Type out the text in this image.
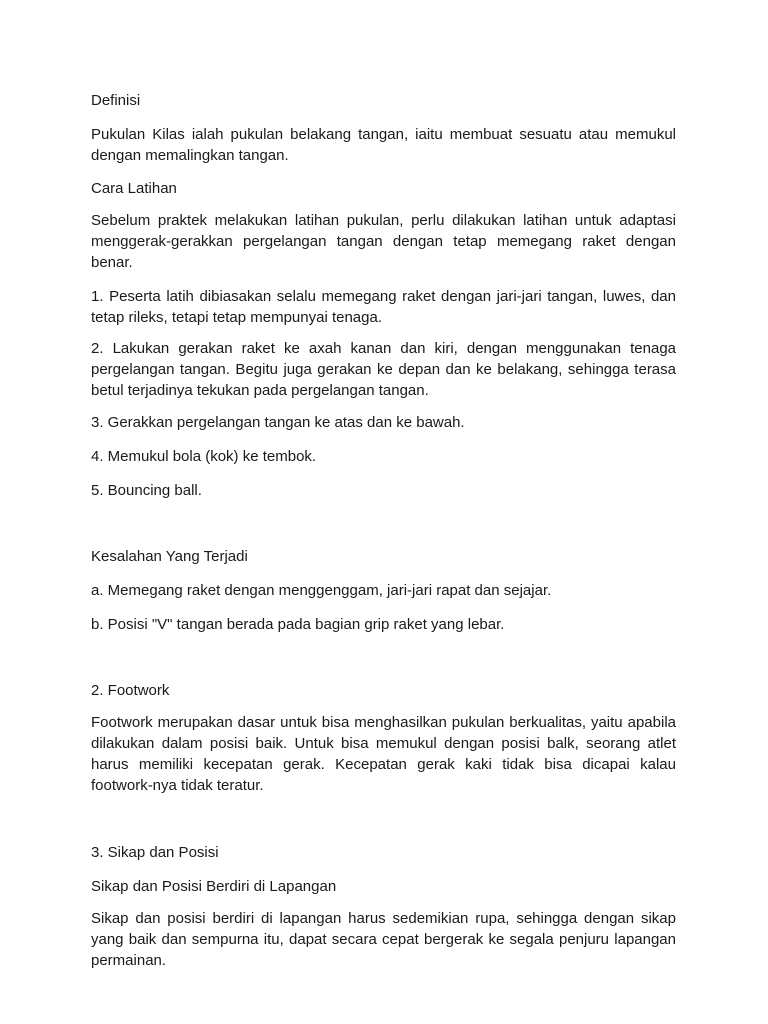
Definisi

Pukulan Kilas ialah pukulan belakang tangan, iaitu membuat sesuatu atau memukul dengan memalingkan tangan.

Cara Latihan

Sebelum praktek melakukan latihan pukulan, perlu dilakukan latihan untuk adaptasi menggerak-gerakkan pergelangan tangan dengan tetap memegang raket dengan benar.

1. Peserta latih dibiasakan selalu memegang raket dengan jari-jari tangan, luwes, dan tetap rileks, tetapi tetap mempunyai tenaga.

2. Lakukan gerakan raket ke axah kanan dan kiri, dengan menggunakan tenaga pergelangan tangan. Begitu juga gerakan ke depan dan ke belakang, sehingga terasa betul terjadinya tekukan pada pergelangan tangan.

3. Gerakkan pergelangan tangan ke atas dan ke bawah.

4. Memukul bola (kok) ke tembok.

5. Bouncing ball.

Kesalahan Yang Terjadi

a. Memegang raket dengan menggenggam, jari-jari rapat dan sejajar.

b. Posisi "V" tangan berada pada bagian grip raket yang lebar.

2. Footwork

Footwork merupakan dasar untuk bisa menghasilkan pukulan berkualitas, yaitu apabila dilakukan dalam posisi baik. Untuk bisa memukul dengan posisi balk, seorang atlet harus memiliki kecepatan gerak. Kecepatan gerak kaki tidak bisa dicapai kalau footwork-nya tidak teratur.

3. Sikap dan Posisi

Sikap dan Posisi Berdiri di Lapangan

Sikap dan posisi berdiri di lapangan harus sedemikian rupa, sehingga dengan sikap yang baik dan sempurna itu, dapat secara cepat bergerak ke segala penjuru lapangan permainan.
